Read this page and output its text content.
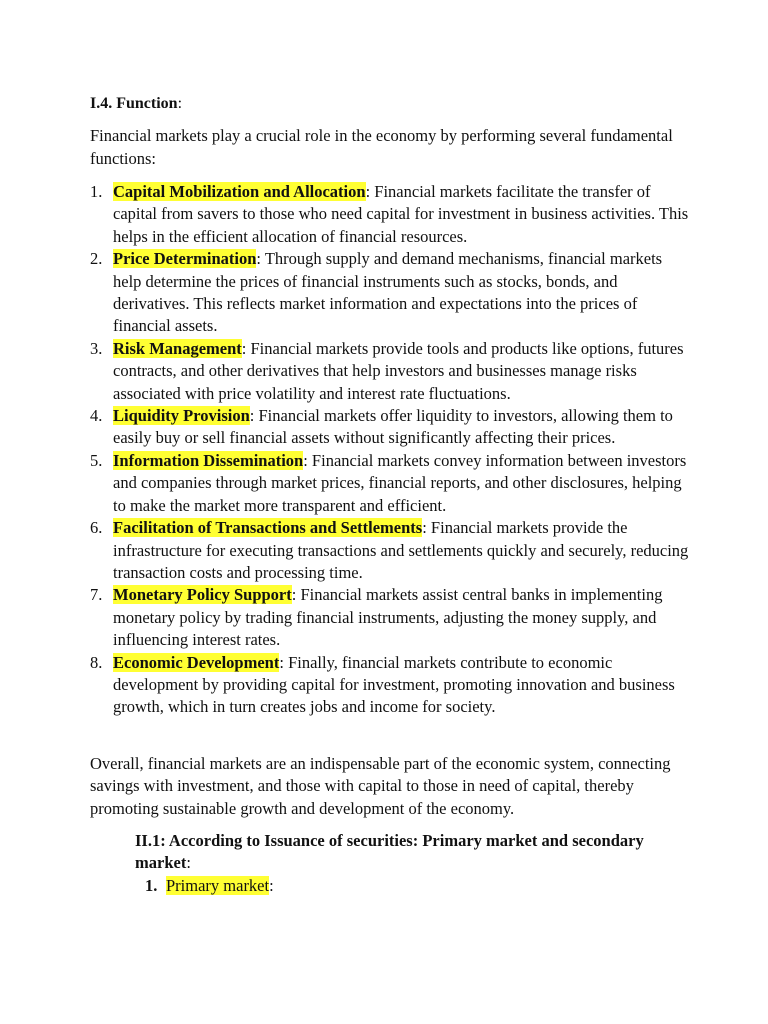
I.4. Function:

Financial markets play a crucial role in the economy by performing several fundamental functions:

1. Capital Mobilization and Allocation: Financial markets facilitate the transfer of capital from savers to those who need capital for investment in business activities. This helps in the efficient allocation of financial resources.
2. Price Determination: Through supply and demand mechanisms, financial markets help determine the prices of financial instruments such as stocks, bonds, and derivatives. This reflects market information and expectations into the prices of financial assets.
3. Risk Management: Financial markets provide tools and products like options, futures contracts, and other derivatives that help investors and businesses manage risks associated with price volatility and interest rate fluctuations.
4. Liquidity Provision: Financial markets offer liquidity to investors, allowing them to easily buy or sell financial assets without significantly affecting their prices.
5. Information Dissemination: Financial markets convey information between investors and companies through market prices, financial reports, and other disclosures, helping to make the market more transparent and efficient.
6. Facilitation of Transactions and Settlements: Financial markets provide the infrastructure for executing transactions and settlements quickly and securely, reducing transaction costs and processing time.
7. Monetary Policy Support: Financial markets assist central banks in implementing monetary policy by trading financial instruments, adjusting the money supply, and influencing interest rates.
8. Economic Development: Finally, financial markets contribute to economic development by providing capital for investment, promoting innovation and business growth, which in turn creates jobs and income for society.

Overall, financial markets are an indispensable part of the economic system, connecting savings with investment, and those with capital to those in need of capital, thereby promoting sustainable growth and development of the economy.

II.1: According to Issuance of securities: Primary market and secondary market:

1. Primary market:
